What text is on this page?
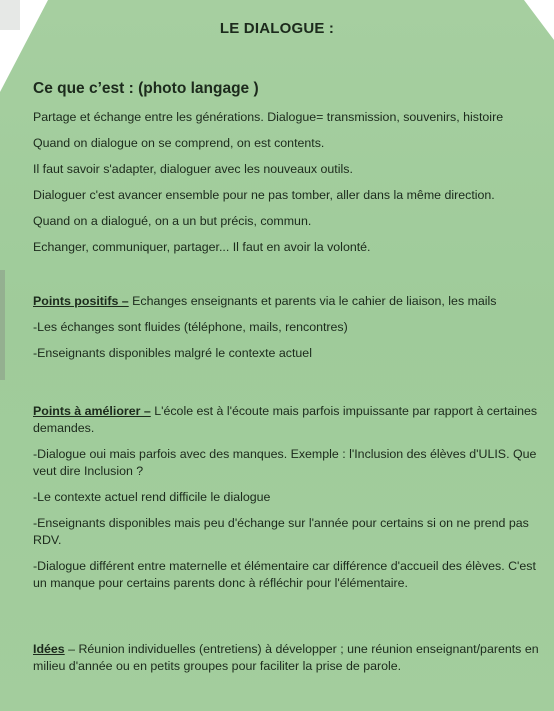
LE DIALOGUE :
Ce que c’est : (photo langage )
Partage et échange entre les générations. Dialogue= transmission, souvenirs, histoire
Quand on dialogue on se comprend, on est contents.
Il faut savoir s'adapter, dialoguer avec les nouveaux outils.
Dialoguer c'est avancer ensemble pour ne pas tomber, aller dans la même direction.
Quand on a dialogué, on a un but précis, commun.
Echanger, communiquer, partager... Il faut en avoir la volonté.
Points positifs – Echanges enseignants et parents via le cahier de liaison, les mails
-Les échanges sont fluides (téléphone, mails, rencontres)
-Enseignants disponibles malgré le contexte actuel
Points à améliorer – L'école est à l'écoute mais parfois impuissante par rapport à certaines demandes.
-Dialogue oui mais parfois avec des manques. Exemple : l'Inclusion des élèves d'ULIS. Que veut dire Inclusion ?
-Le contexte actuel rend difficile le dialogue
-Enseignants disponibles mais peu d'échange sur l'année pour certains si on ne prend pas RDV.
-Dialogue différent entre maternelle et élémentaire car différence d'accueil des élèves. C'est un manque pour certains parents donc à réfléchir pour l'élémentaire.
Idées – Réunion individuelles (entretiens) à développer ; une réunion enseignant/parents en milieu d'année ou en petits groupes pour faciliter la prise de parole.
